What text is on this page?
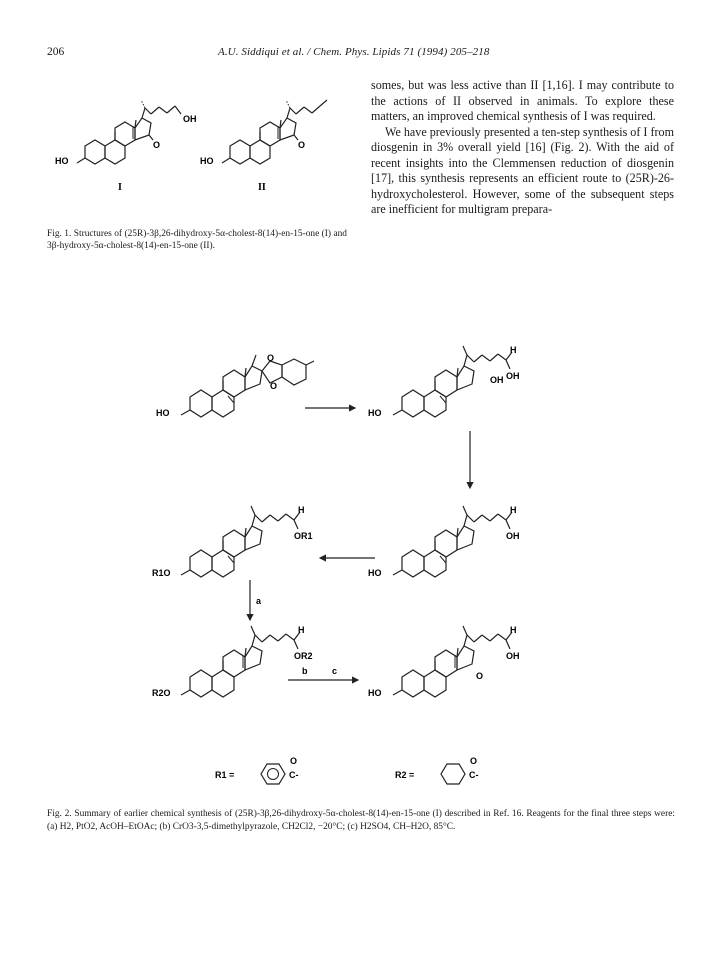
206	A.U. Siddiqui et al. / Chem. Phys. Lipids 71 (1994) 205–218
OH
O
HO
I
O
HO
II
Fig. 1. Structures of (25R)-3β,26-dihydroxy-5α-cholest-8(14)-en-15-one (I) and 3β-hydroxy-5α-cholest-8(14)-en-15-one (II).

somes, but was less active than II [1,16]. I may contribute to the actions of II observed in animals. To explore these matters, an improved chemical synthesis of I was required.

We have previously presented a ten-step synthesis of I from diosgenin in 3% overall yield [16] (Fig. 2). With the aid of recent insights into the Clemmensen reduction of diosgenin [17], this synthesis represents an efficient route to (25R)-26-hydroxycholesterol. However, some of the subsequent steps are inefficient for multigram prepara-

O
O
HO
OH
H
OH
HO
H
OH
HO
H
OR1
R1O
a
H
OR2
R2O
b	c	O
H
OH
HO
R1 =	C-
O
R2 =	C-
O
Fig. 2. Summary of earlier chemical synthesis of (25R)-3β,26-dihydroxy-5α-cholest-8(14)-en-15-one (I) described in Ref. 16. Reagents for the final three steps were: (a) H2, PtO2, AcOH–EtOAc; (b) CrO3-3,5-dimethylpyrazole, CH2Cl2, −20°C; (c) H2SO4, CH–H2O, 85°C.
